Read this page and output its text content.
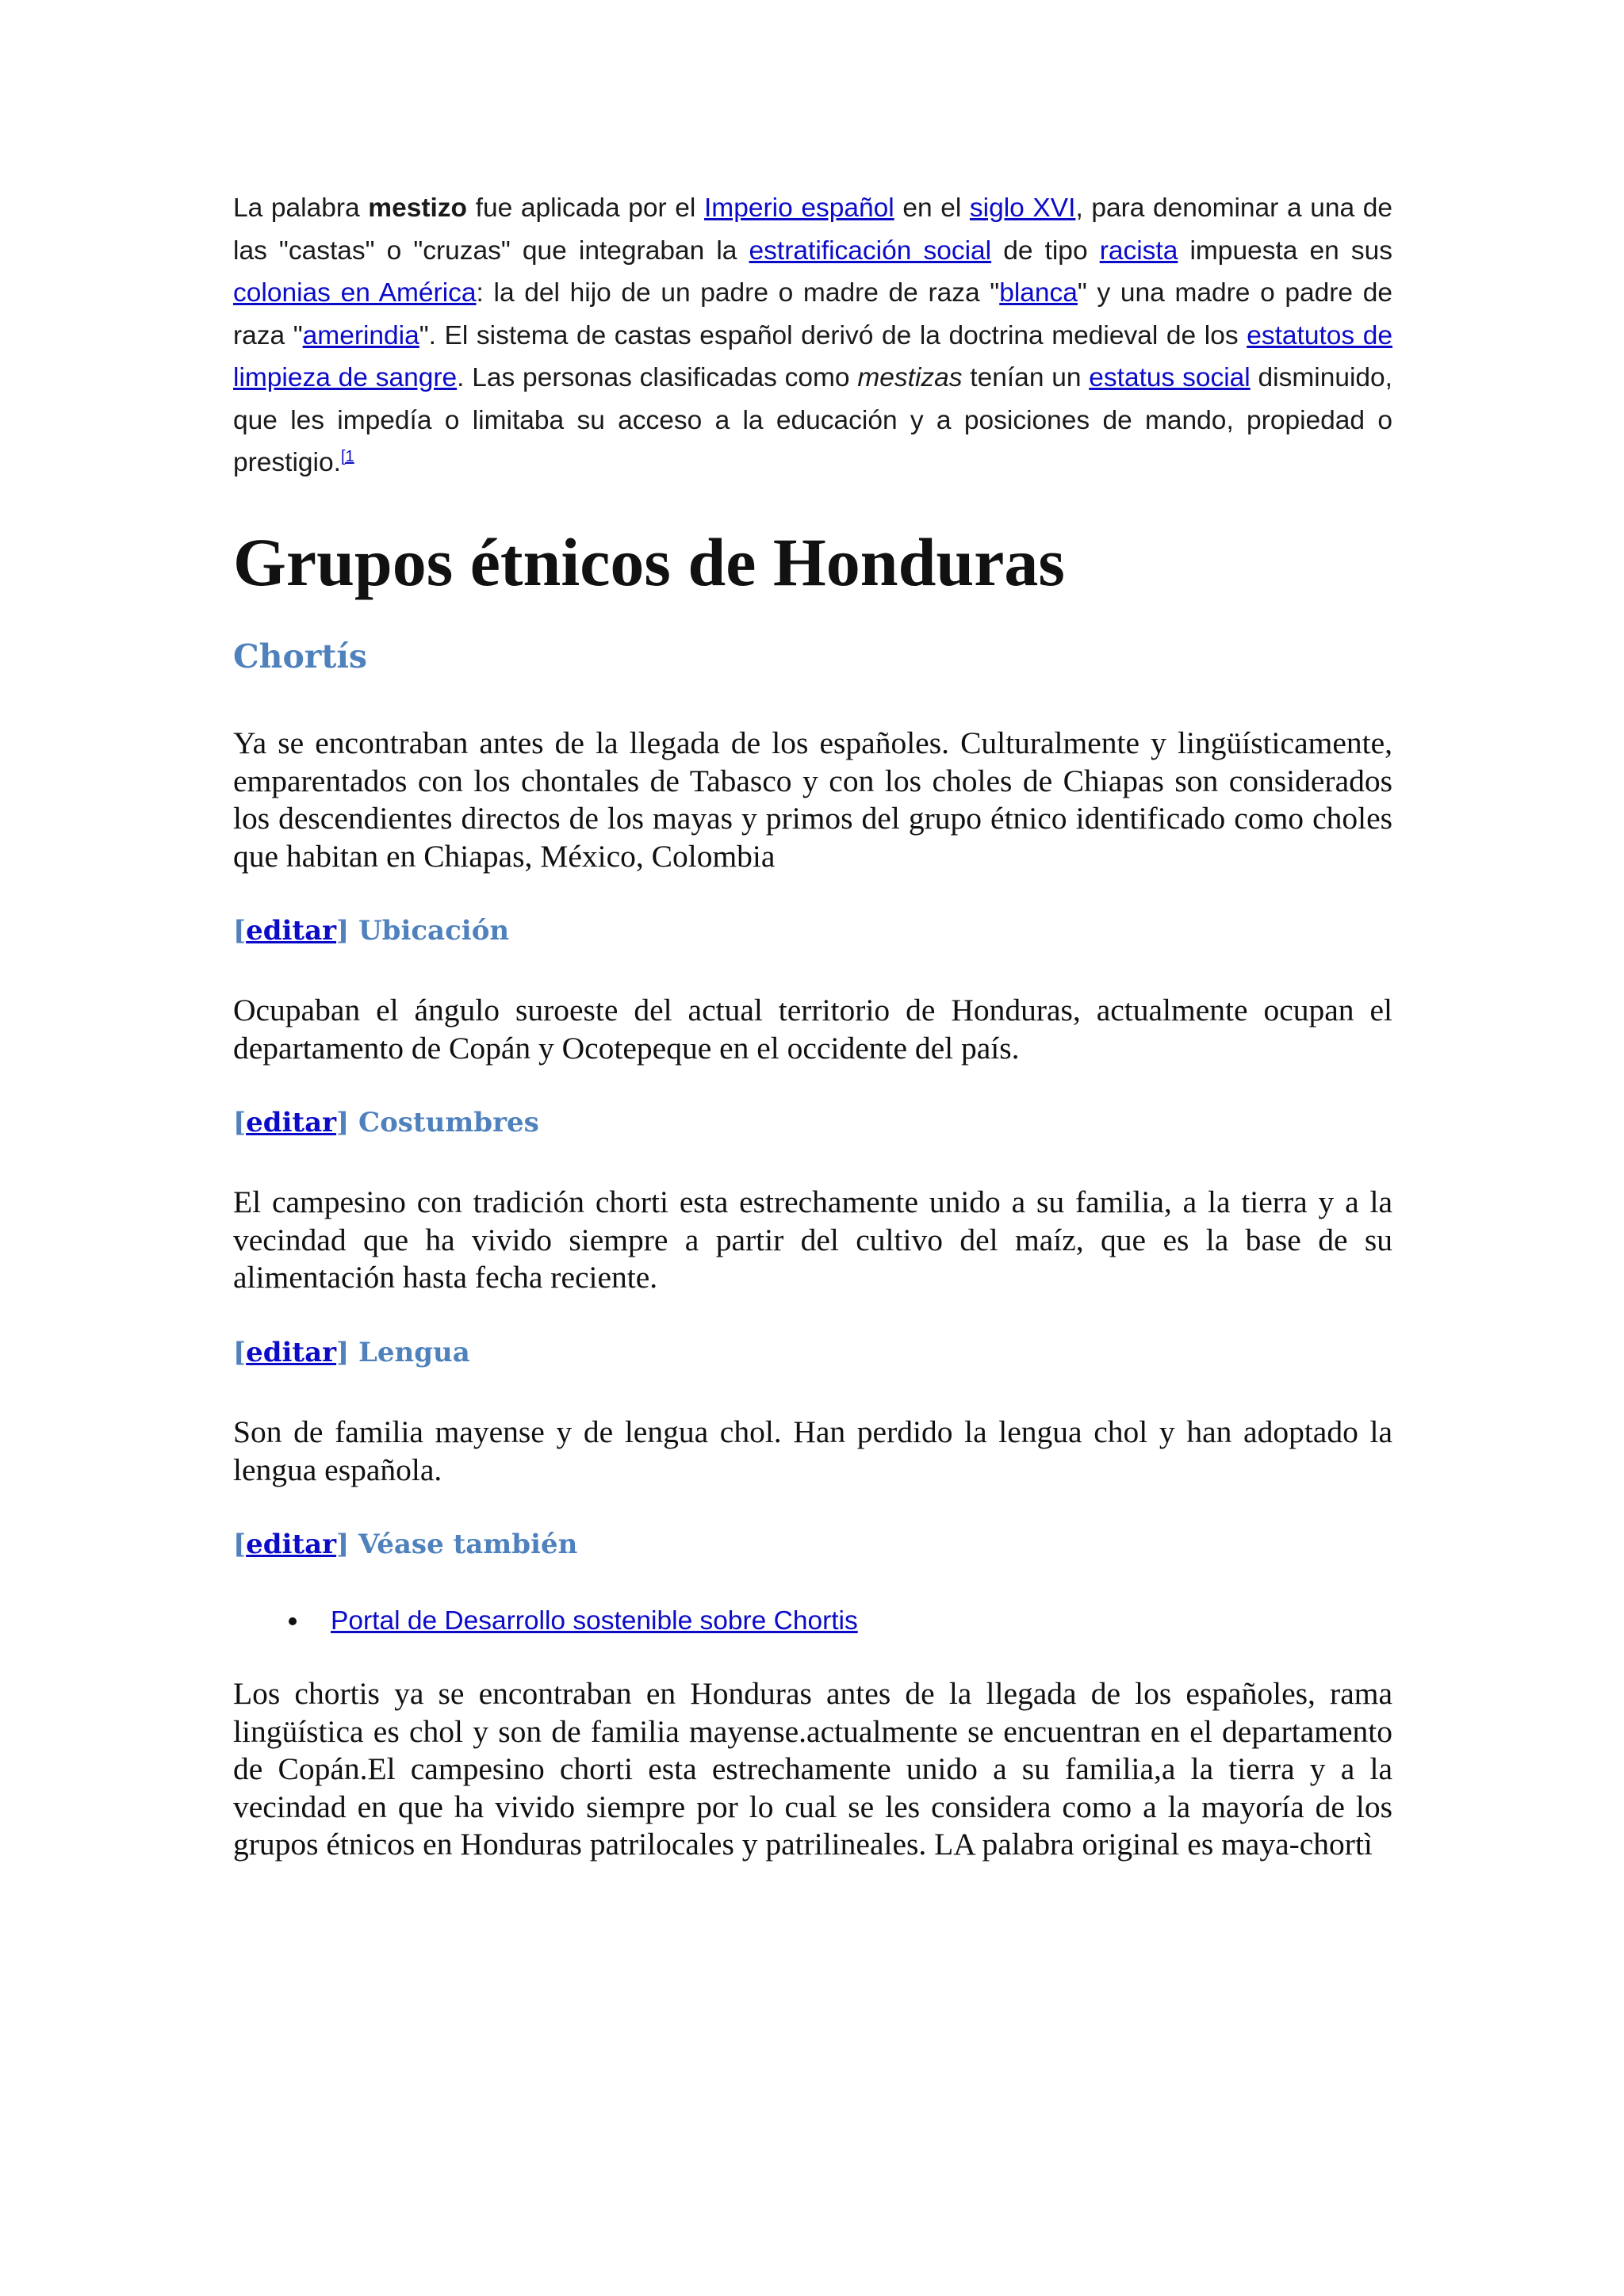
La palabra mestizo fue aplicada por el Imperio español en el siglo XVI, para denominar a una de las "castas" o "cruzas" que integraban la estratificación social de tipo racista impuesta en sus colonias en América: la del hijo de un padre o madre de raza "blanca" y una madre o padre de raza "amerindia". El sistema de castas español derivó de la doctrina medieval de los estatutos de limpieza de sangre. Las personas clasificadas como mestizas tenían un estatus social disminuido, que les impedía o limitaba su acceso a la educación y a posiciones de mando, propiedad o prestigio.$^{[1}$

Grupos étnicos de Honduras
Chortís

Ya se encontraban antes de la llegada de los españoles. Culturalmente y lingüísticamente, emparentados con los chontales de Tabasco y con los choles de Chiapas son considerados los descendientes directos de los mayas y primos del grupo étnico identificado como choles que habitan en Chiapas, México, Colombia

[editar] Ubicación

Ocupaban el ángulo suroeste del actual territorio de Honduras, actualmente ocupan el departamento de Copán y Ocotepeque en el occidente del país.

[editar] Costumbres

El campesino con tradición chorti esta estrechamente unido a su familia, a la tierra y a la vecindad que ha vivido siempre a partir del cultivo del maíz, que es la base de su alimentación hasta fecha reciente.

[editar] Lengua

Son de familia mayense y de lengua chol. Han perdido la lengua chol y han adoptado la lengua española.

[editar] Véase también
Portal de Desarrollo sostenible sobre Chortis

Los chortis ya se encontraban en Honduras antes de la llegada de los españoles, rama lingüística es chol y son de familia mayense.actualmente se encuentran en el departamento de Copán.El campesino chorti esta estrechamente unido a su familia,a la tierra y a la vecindad en que ha vivido siempre por lo cual se les considera como a la mayoría de los grupos étnicos en Honduras patrilocales y patrilineales. LA palabra original es maya-chortì
